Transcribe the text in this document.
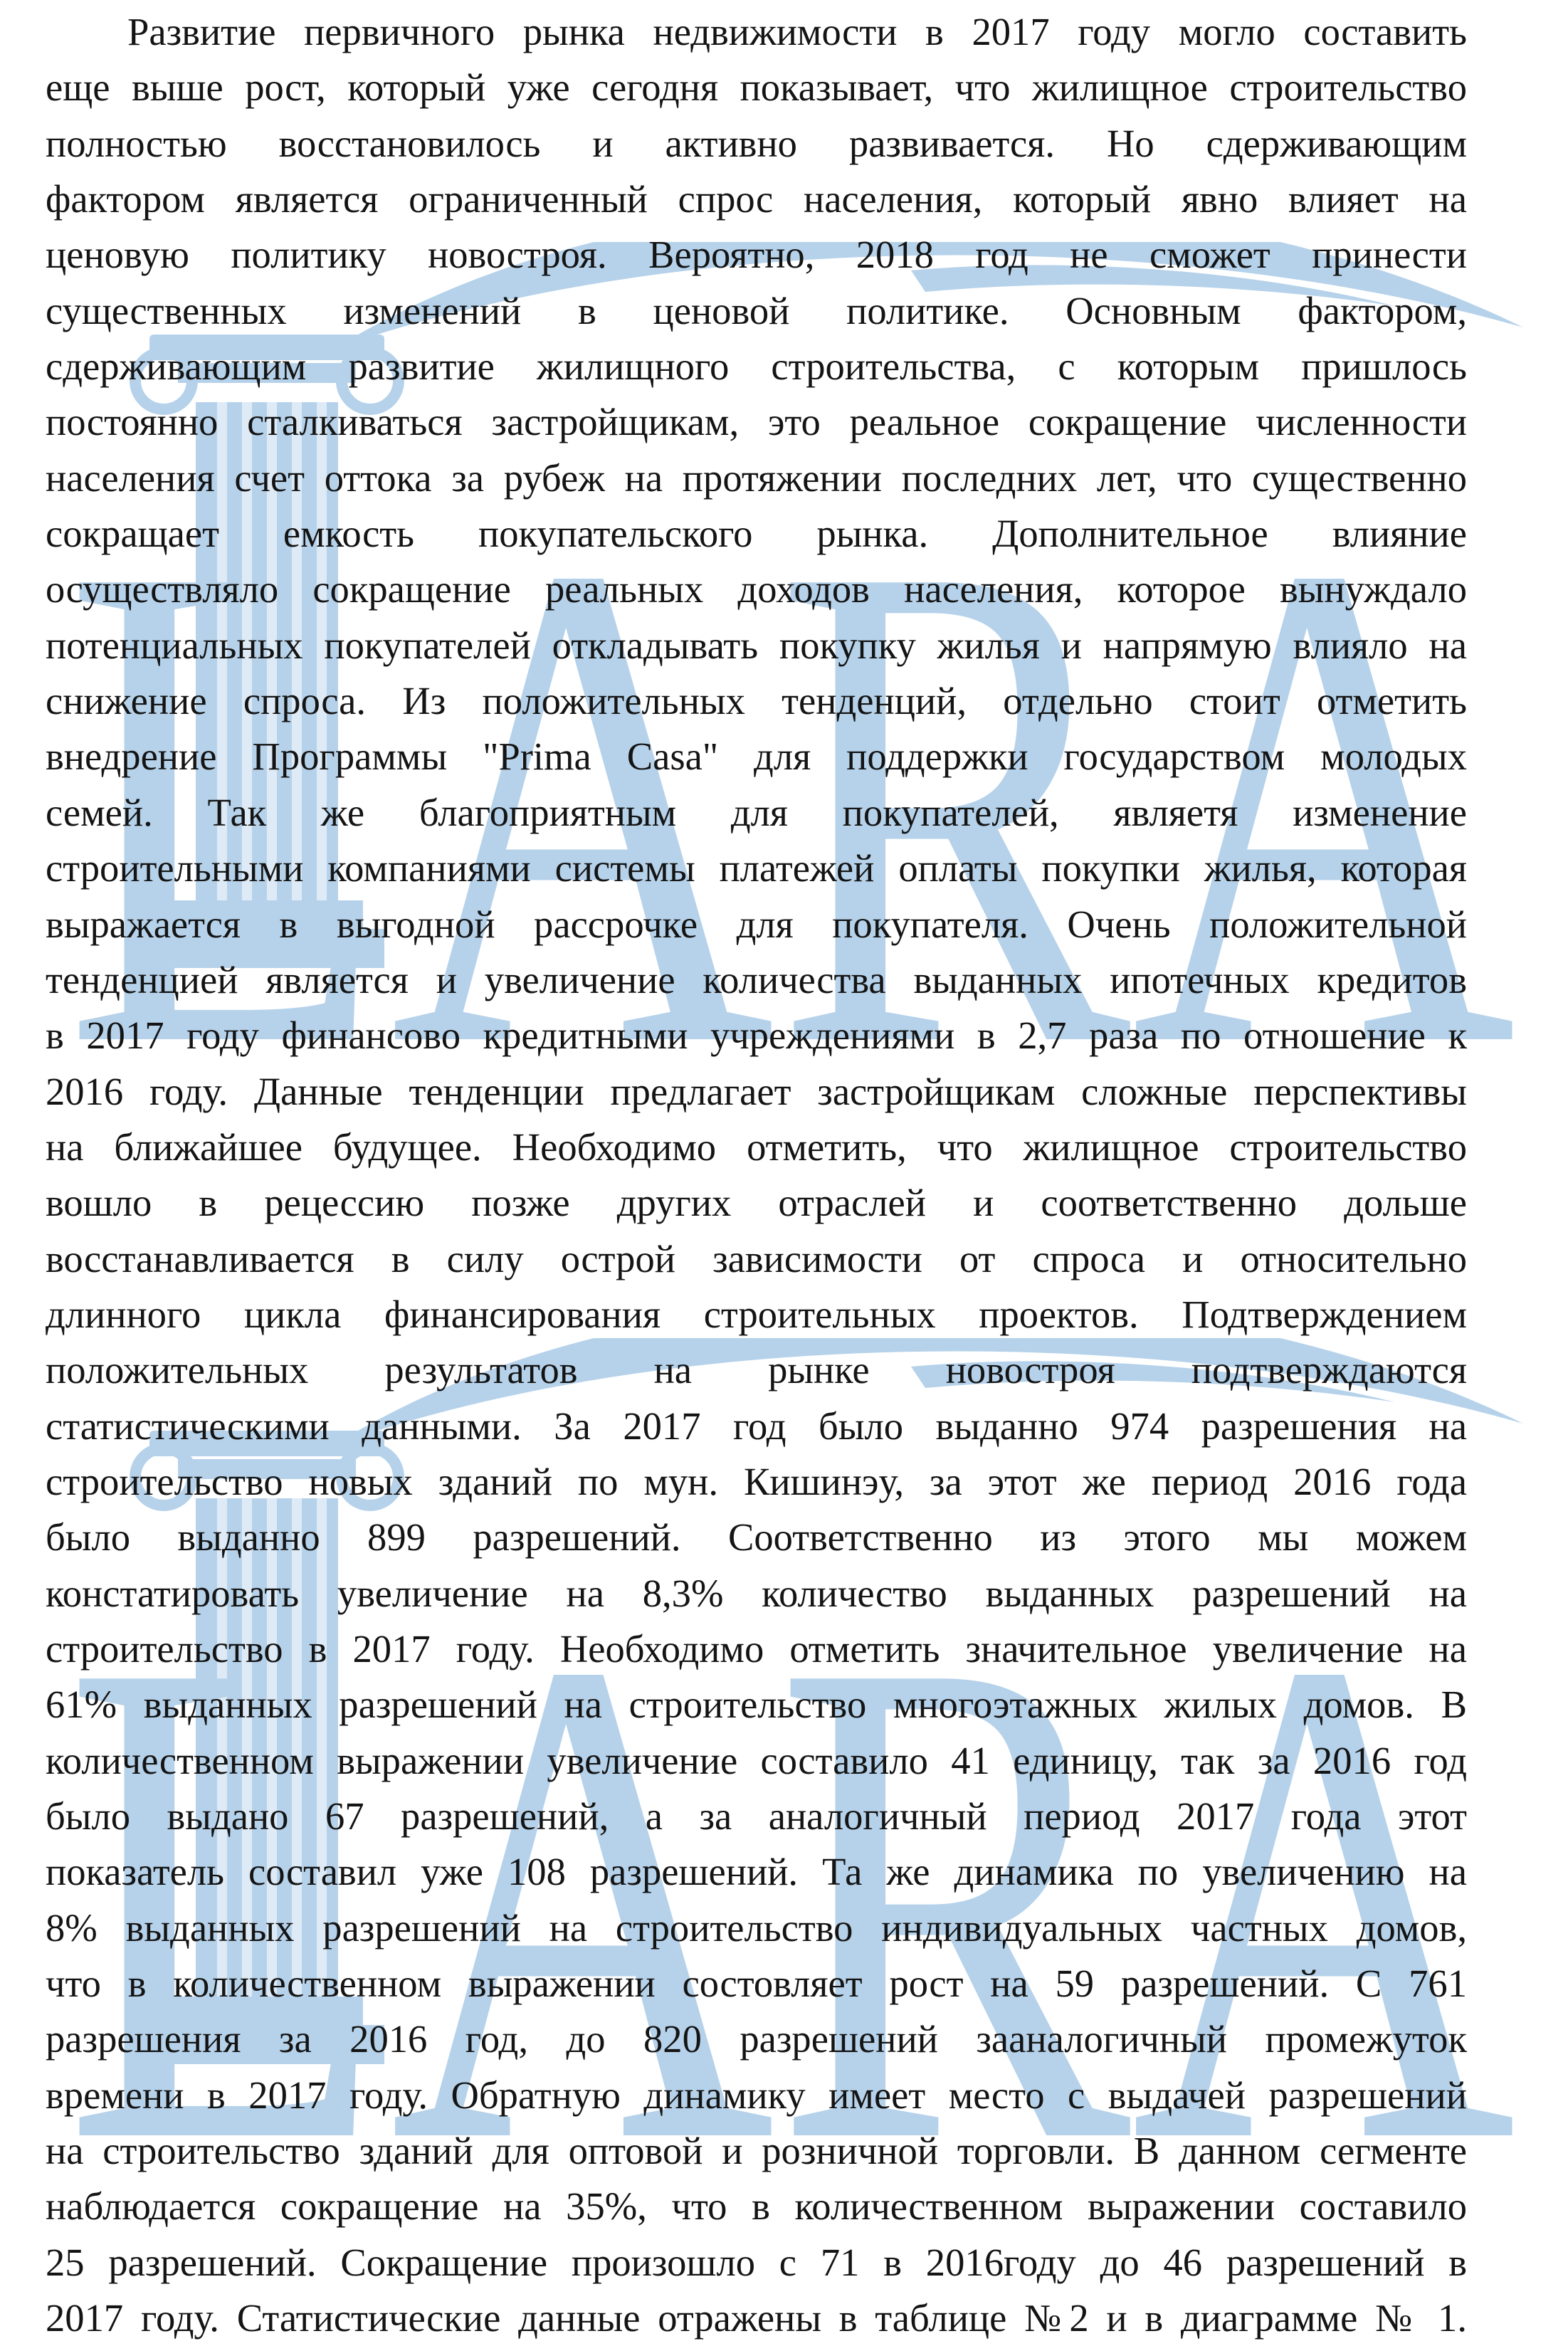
LARA
LARA
Развитие первичного рынка недвижимости в 2017 году могло составить
еще выше рост, который уже сегодня показывает, что жилищное строительство
полностью восстановилось и активно развивается. Но сдерживающим
фактором является ограниченный спрос населения, который явно влияет на
ценовую политику новостроя. Вероятно, 2018 год не сможет принести
существенных изменений в ценовой политике. Основным фактором,
сдерживающим развитие жилищного строительства, с которым пришлось
постоянно сталкиваться застройщикам, это реальное сокращение численности
населения счет оттока за рубеж на протяжении последних лет, что существенно
сокращает емкость покупательского рынка. Дополнительное влияние
осуществляло сокращение реальных доходов населения, которое вынуждало
потенциальных покупателей откладывать покупку жилья и напрямую влияло на
снижение спроса. Из положительных тенденций, отдельно стоит отметить
внедрение Программы "Prima Casa" для поддержки государством молодых
семей. Так же благоприятным для покупателей, являетя изменение
строительными компаниями системы платежей оплаты покупки жилья, которая
выражается в выгодной рассрочке для покупателя. Очень положительной
тенденцией является и увеличение количества выданных ипотечных кредитов
в 2017 году финансово кредитными учреждениями в 2,7 раза по отношение к
2016 году. Данные тенденции предлагает застройщикам сложные перспективы
на ближайшее будущее. Необходимо отметить, что жилищное строительство
вошло в рецессию позже других отраслей и соответственно дольше
восстанавливается в силу острой зависимости от спроса и относительно
длинного цикла финансирования строительных проектов. Подтверждением
положительных результатов на рынке новостроя подтверждаются
статистическими данными. За 2017 год было выданно 974 разрешения на
строительство новых зданий по мун. Кишинэу, за этот же период 2016 года
было выданно 899 разрешений. Соответственно из этого мы можем
констатировать увеличение на 8,3% количество выданных разрешений на
строительство в 2017 году. Необходимо отметить значительное увеличение на
61% выданных разрешений на строительство многоэтажных жилых домов. В
количественном выражении увеличение составило 41 единицу, так за 2016 год
было выдано 67 разрешений, а за аналогичный период 2017 года этот
показатель составил уже 108 разрешений. Та же динамика по увеличению на
8% выданных разрешений на строительство индивидуальных частных домов,
что в количественном выражении состовляет рост на 59 разрешений. С 761
разрешения за 2016 год, до 820 разрешений зааналогичный промежуток
времени в 2017 году. Обратную динамику имеет место с выдачей разрешений
на строительство зданий для оптовой и розничной торговли. В данном сегменте
наблюдается сокращение на 35%, что в количественном выражении составило
25 разрешений. Сокращение произошло с 71 в 2016году до 46 разрешений в
2017 году. Статистические данные отражены в таблице №2 и в диаграмме № 1.
